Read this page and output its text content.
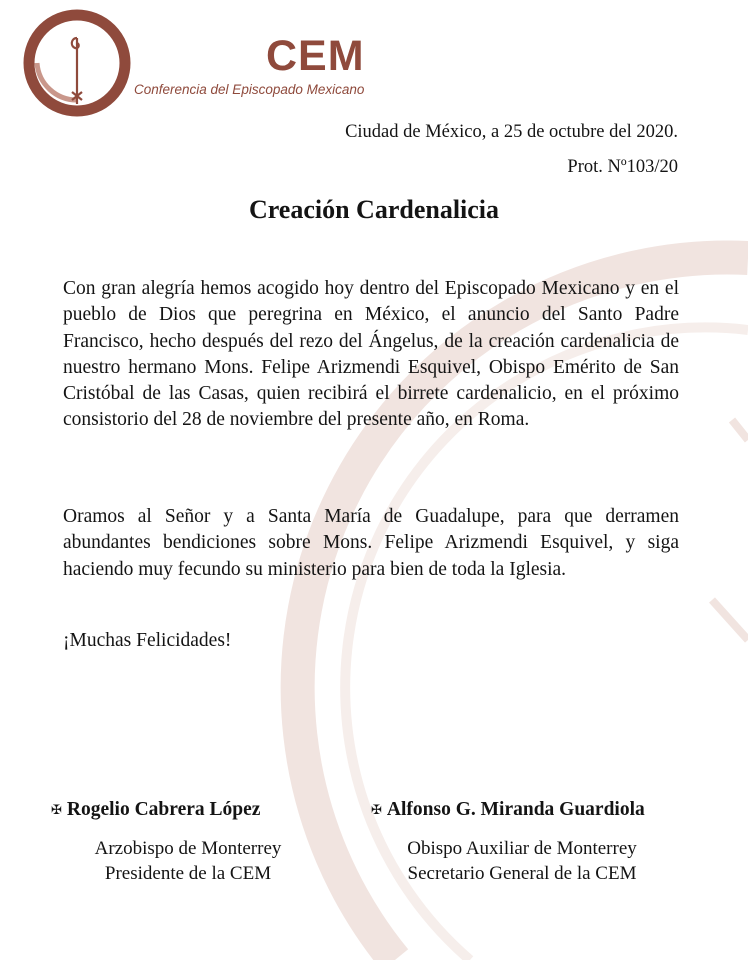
CEM
Conferencia del Episcopado Mexicano
Ciudad de México, a 25 de octubre del 2020.
Prot. Nº103/20
Creación Cardenalicia

Con gran alegría hemos acogido hoy dentro del Episcopado Mexicano y en el pueblo de Dios que peregrina en México, el anuncio del Santo Padre Francisco, hecho después del rezo del Ángelus, de la creación cardenalicia de nuestro hermano Mons. Felipe Arizmendi Esquivel, Obispo Emérito de San Cristóbal de las Casas, quien recibirá el birrete cardenalicio, en el próximo consistorio del 28 de noviembre del presente año, en Roma.

Oramos al Señor y a Santa María de Guadalupe, para que derramen abundantes bendiciones sobre Mons. Felipe Arizmendi Esquivel, y siga haciendo muy fecundo su ministerio para bien de toda la Iglesia.

¡Muchas Felicidades!

✠ Rogelio Cabrera López
Arzobispo de Monterrey
Presidente de la CEM
✠ Alfonso G. Miranda Guardiola
Obispo Auxiliar de Monterrey
Secretario General de la CEM
